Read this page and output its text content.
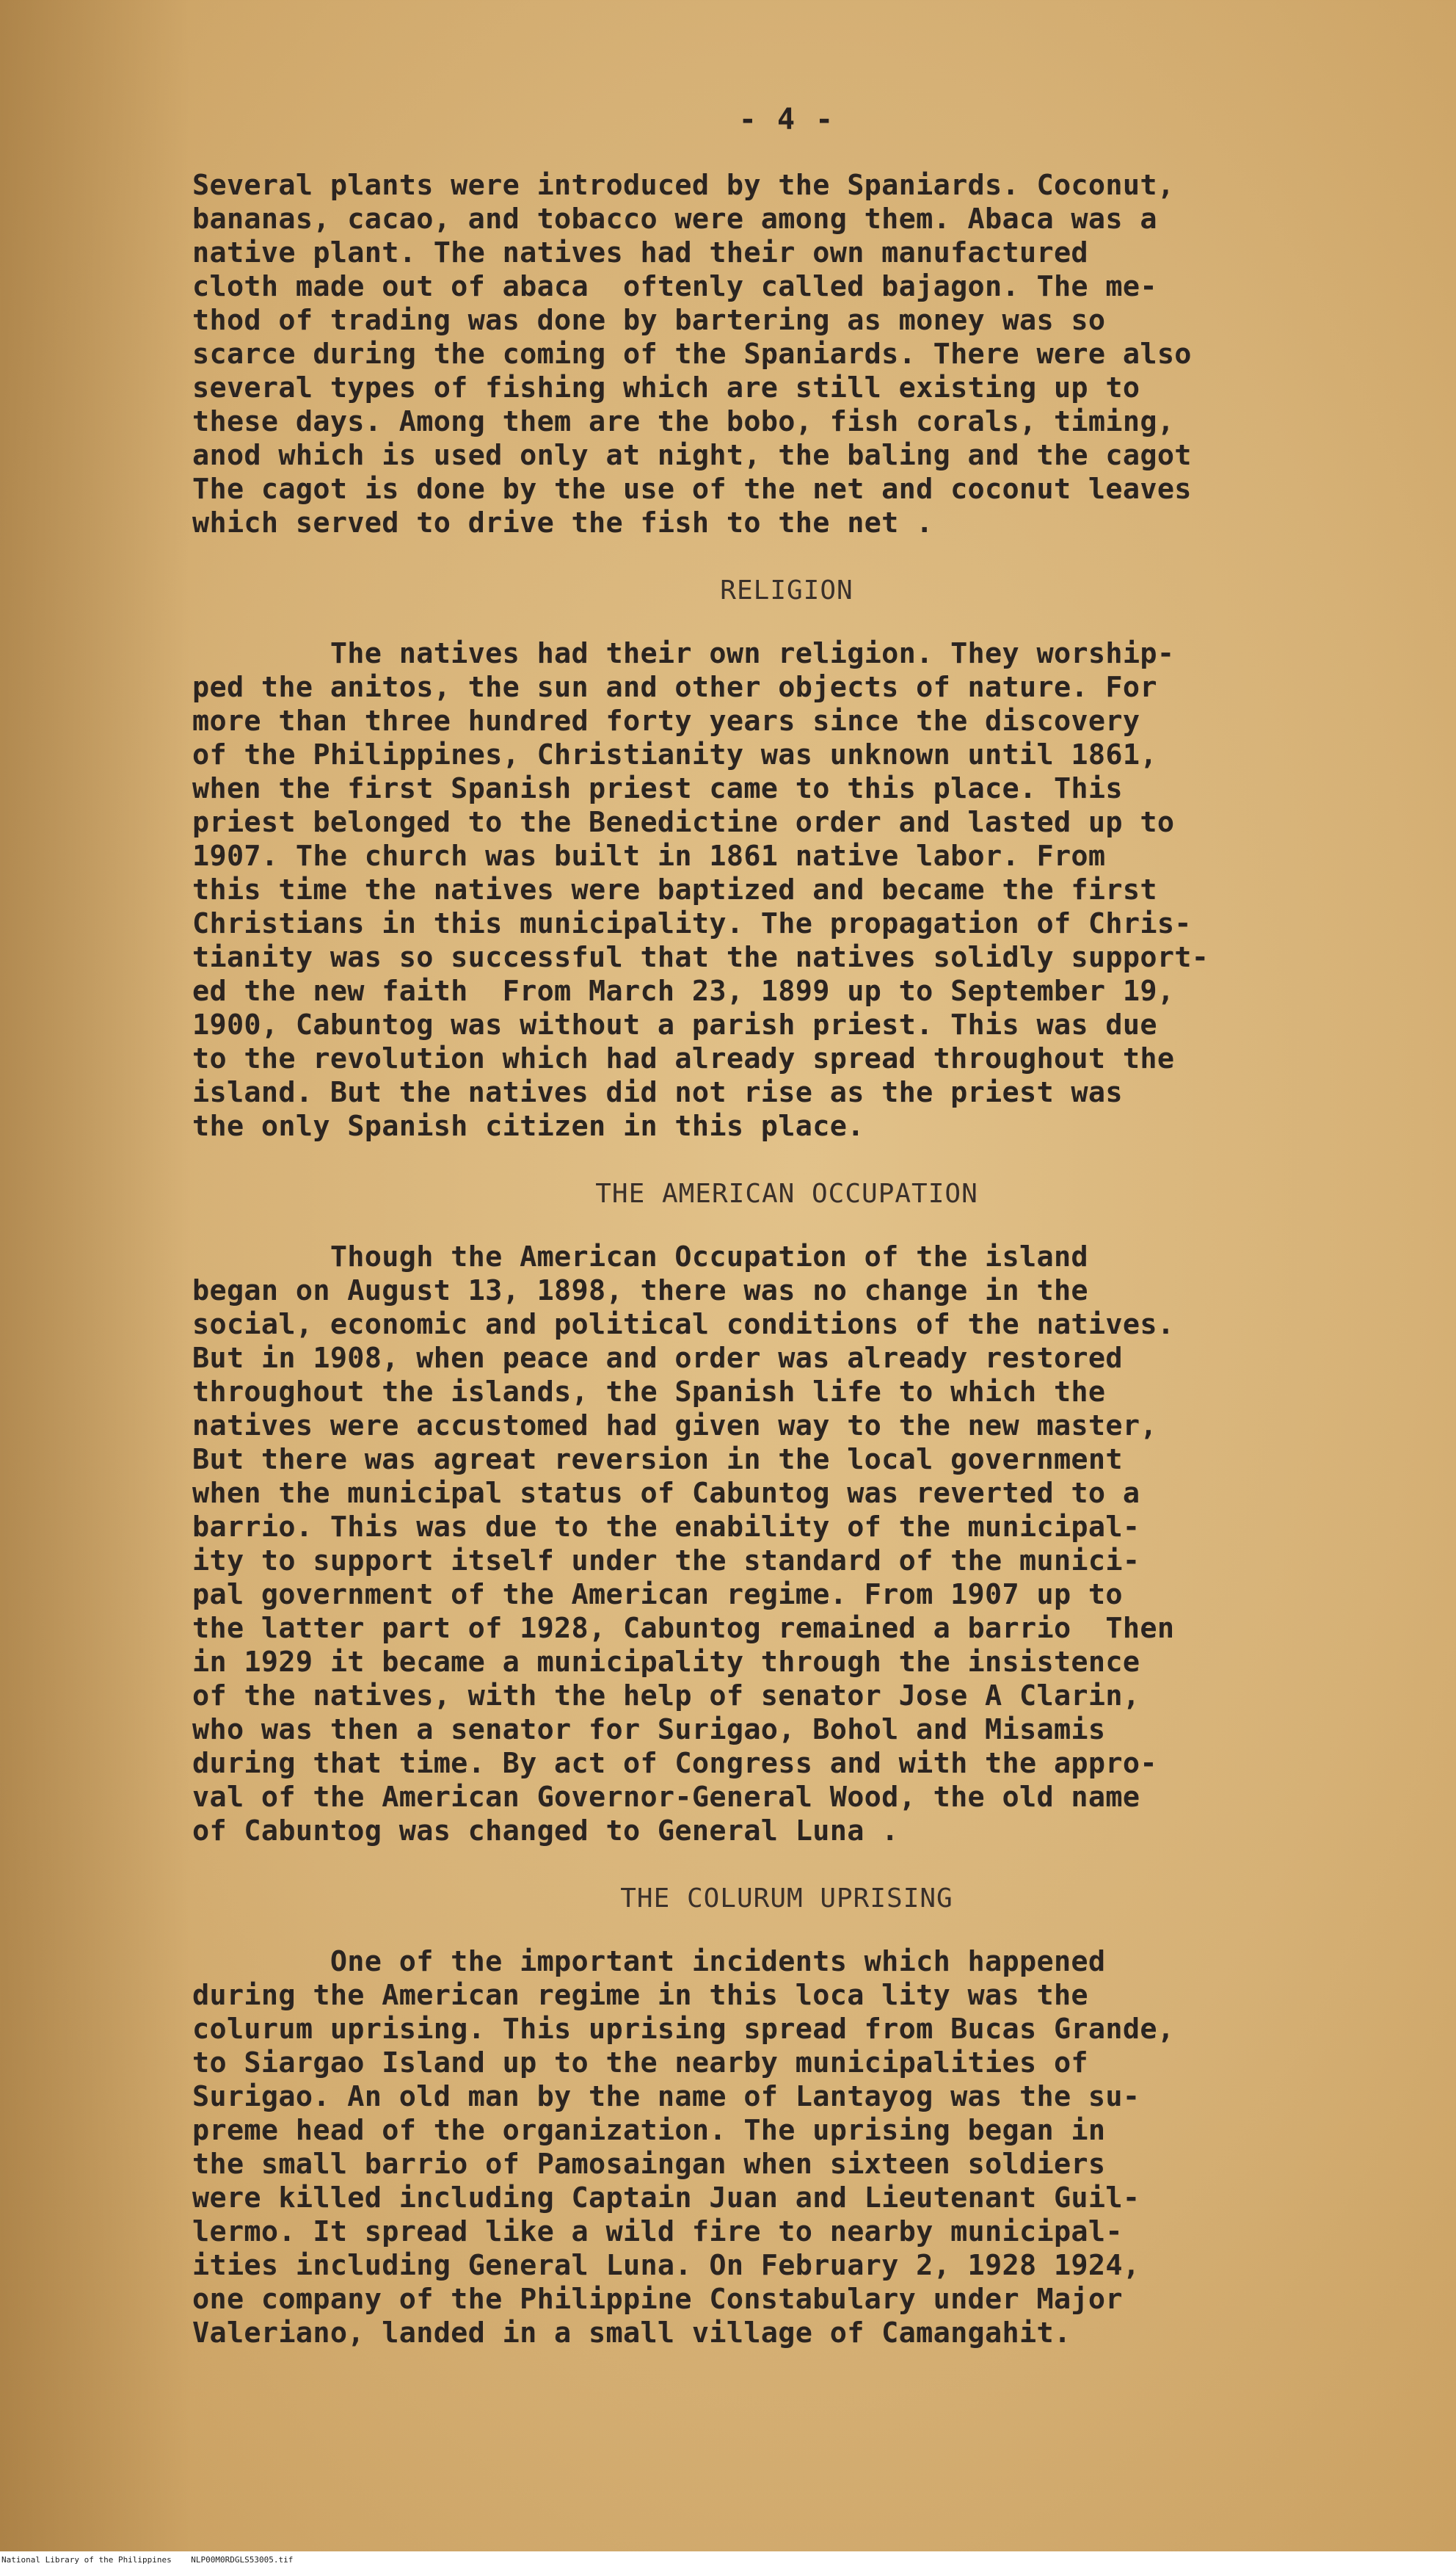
- 4 -
Several plants were introduced by the Spaniards. Coconut,
bananas, cacao, and tobacco were among them. Abaca was a
native plant. The natives had their own manufactured
cloth made out of abaca  oftenly called bajagon. The me-
thod of trading was done by bartering as money was so
scarce during the coming of the Spaniards. There were also
several types of fishing which are still existing up to
these days. Among them are the bobo, fish corals, timing,
anod which is used only at night, the baling and the cagot
The cagot is done by the use of the net and coconut leaves
which served to drive the fish to the net .
RELIGION
The natives had their own religion. They worship-
ped the anitos, the sun and other objects of nature. For
more than three hundred forty years since the discovery
of the Philippines, Christianity was unknown until 1861,
when the first Spanish priest came to this place. This
priest belonged to the Benedictine order and lasted up to
1907. The church was built in 1861 native labor. From
this time the natives were baptized and became the first
Christians in this municipality. The propagation of Chris-
tianity was so successful that the natives solidly support-
ed the new faith  From March 23, 1899 up to September 19,
1900, Cabuntog was without a parish priest. This was due
to the revolution which had already spread throughout the
island. But the natives did not rise as the priest was
the only Spanish citizen in this place.
THE AMERICAN OCCUPATION
Though the American Occupation of the island
began on August 13, 1898, there was no change in the
social, economic and political conditions of the natives.
But in 1908, when peace and order was already restored
throughout the islands, the Spanish life to which the
natives were accustomed had given way to the new master,
But there was agreat reversion in the local government
when the municipal status of Cabuntog was reverted to a
barrio. This was due to the enability of the municipal-
ity to support itself under the standard of the munici-
pal government of the American regime. From 1907 up to
the latter part of 1928, Cabuntog remained a barrio  Then
in 1929 it became a municipality through the insistence
of the natives, with the help of senator Jose A Clarin,
who was then a senator for Surigao, Bohol and Misamis
during that time. By act of Congress and with the appro-
val of the American Governor-General Wood, the old name
of Cabuntog was changed to General Luna .
THE COLURUM UPRISING
One of the important incidents which happened
during the American regime in this loca lity was the
colurum uprising. This uprising spread from Bucas Grande,
to Siargao Island up to the nearby municipalities of
Surigao. An old man by the name of Lantayog was the su-
preme head of the organization. The uprising began in
the small barrio of Pamosaingan when sixteen soldiers
were killed including Captain Juan and Lieutenant Guil-
lermo. It spread like a wild fire to nearby municipal-
ities including General Luna. On February 2, 1928 1924,
one company of the Philippine Constabulary under Major
Valeriano, landed in a small village of Camangahit.
National Library of the Philippines    NLP00M0RDGLS53005.tif
